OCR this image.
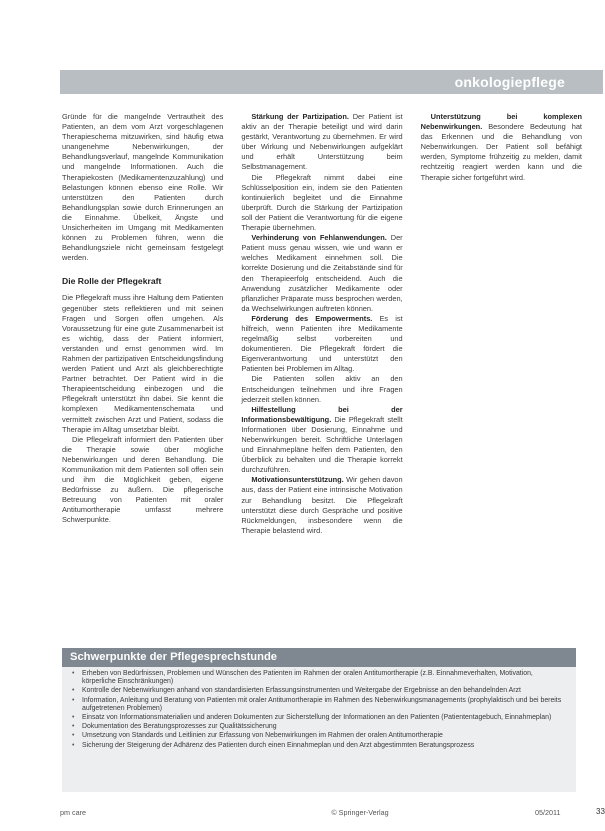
onkologiepflege

Gründe für die mangelnde Vertrautheit des Patienten, an dem vom Arzt vorgeschlagenen Therapieschema mitzuwirken, sind häufig etwa unangenehme Nebenwirkungen, der Behandlungsverlauf, mangelnde Kommunikation und mangelnde Informationen. Auch die Therapiekosten (Medikamentenzuzahlung) und Belastungen können ebenso eine Rolle. Wir unterstützen den Patienten durch Behandlungsplan sowie durch Erinnerungen an die Einnahme. Übelkeit, Ängste und Unsicherheiten im Umgang mit Medikamenten können zu Problemen führen, wenn die Behandlungsziele nicht gemeinsam festgelegt werden.

Die Rolle der Pflegekraft

Die Pflegekraft muss ihre Haltung dem Patienten gegenüber stets reflektieren und mit seinen Fragen und Sorgen offen umgehen. Als Voraussetzung für eine gute Zusammenarbeit ist es wichtig, dass der Patient informiert, verstanden und ernst genommen wird. Im Rahmen der partizipativen Entscheidungsfindung werden Patient und Arzt als gleichberechtigte Partner betrachtet. Der Patient wird in die Therapieentscheidung einbezogen und die Pflegekraft unterstützt ihn dabei. Sie kennt die komplexen Medikamentenschemata und vermittelt zwischen Arzt und Patient, sodass die Therapie im Alltag umsetzbar bleibt.

Die Pflegekraft informiert den Patienten über die Therapie sowie über mögliche Nebenwirkungen und deren Behandlung. Die Kommunikation mit dem Patienten soll offen sein und ihm die Möglichkeit geben, eigene Bedürfnisse zu äußern. Die pflegerische Betreuung von Patienten mit oraler Antitumortherapie umfasst mehrere Schwerpunkte.

Stärkung der Partizipation. Der Patient ist aktiv an der Therapie beteiligt und wird darin gestärkt, Verantwortung zu übernehmen. Er wird über Wirkung und Nebenwirkungen aufgeklärt und erhält Unterstützung beim Selbstmanagement.

Die Pflegekraft nimmt dabei eine Schlüsselposition ein, indem sie den Patienten kontinuierlich begleitet und die Einnahme überprüft. Durch die Stärkung der Partizipation soll der Patient die Verantwortung für die eigene Therapie übernehmen.

Verhinderung von Fehlanwendungen. Der Patient muss genau wissen, wie und wann er welches Medikament einnehmen soll. Die korrekte Dosierung und die Zeitabstände sind für den Therapieerfolg entscheidend. Auch die Anwendung zusätzlicher Medikamente oder pflanzlicher Präparate muss besprochen werden, da Wechselwirkungen auftreten können.

Förderung des Empowerments. Es ist hilfreich, wenn Patienten ihre Medikamente regelmäßig selbst vorbereiten und dokumentieren. Die Pflegekraft fördert die Eigenverantwortung und unterstützt den Patienten bei Problemen im Alltag.

Die Patienten sollen aktiv an den Entscheidungen teilnehmen und ihre Fragen jederzeit stellen können.

Hilfestellung bei der Informationsbewältigung. Die Pflegekraft stellt Informationen über Dosierung, Einnahme und Nebenwirkungen bereit. Schriftliche Unterlagen und Einnahmepläne helfen dem Patienten, den Überblick zu behalten und die Therapie korrekt durchzuführen.

Motivationsunterstützung. Wir gehen davon aus, dass der Patient eine intrinsische Motivation zur Behandlung besitzt. Die Pflegekraft unterstützt diese durch Gespräche und positive Rückmeldungen, insbesondere wenn die Therapie belastend wird.

Unterstützung bei komplexen Nebenwirkungen. Besondere Bedeutung hat das Erkennen und die Behandlung von Nebenwirkungen. Der Patient soll befähigt werden, Symptome frühzeitig zu melden, damit rechtzeitig reagiert werden kann und die Therapie sicher fortgeführt wird.

Schwerpunkte der Pflegesprechstunde
• Erheben von Bedürfnissen, Problemen und Wünschen des Patienten im Rahmen der oralen Antitumortherapie (z.B. Einnahmeverhalten, Motivation, körperliche Einschränkungen)
• Kontrolle der Nebenwirkungen anhand von standardisierten Erfassungsinstrumenten und Weitergabe der Ergebnisse an den behandelnden Arzt
• Information, Anleitung und Beratung von Patienten mit oraler Antitumortherapie im Rahmen des Nebenwirkungsmanagements (prophylaktisch und bei bereits aufgetretenen Problemen)
• Einsatz von Informationsmaterialien und anderen Dokumenten zur Sicherstellung der Informationen an den Patienten (Patiententagebuch, Einnahmeplan)
• Dokumentation des Beratungsprozesses zur Qualitätssicherung
• Umsetzung von Standards und Leitlinien zur Erfassung von Nebenwirkungen im Rahmen der oralen Antitumortherapie
• Sicherung der Steigerung der Adhärenz des Patienten durch einen Einnahmeplan und den Arzt abgestimmten Beratungsprozess
pm care	© Springer-Verlag	05/2011	33
